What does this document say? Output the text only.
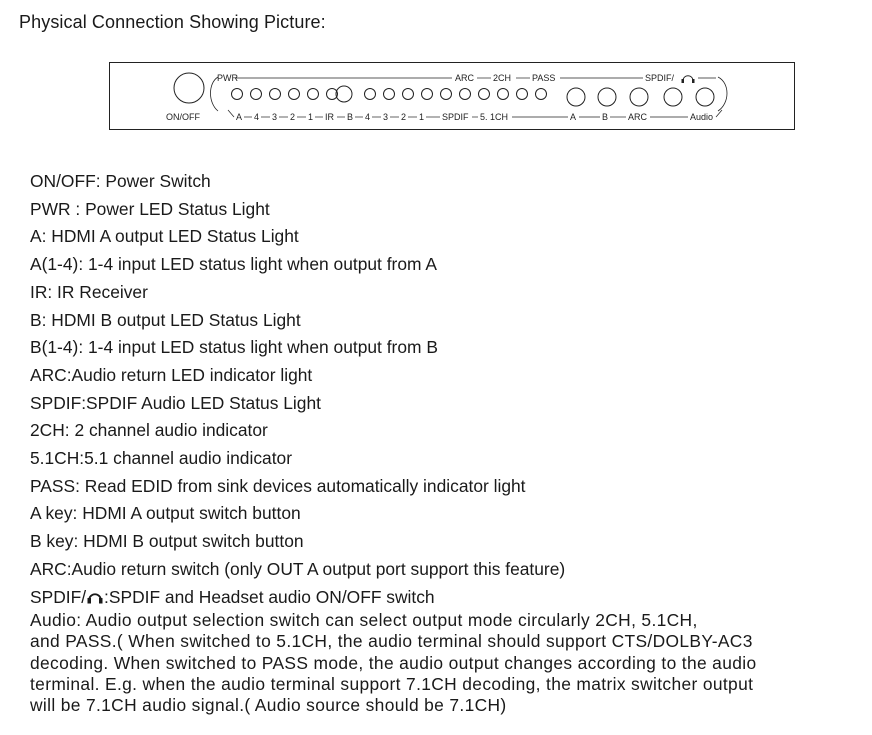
Physical Connection Showing Picture:
ON/OFF
PWR	ARC 2CH PASS	SPDIF/
A 4 3 2 1 IR B 4 3 2 1 SPDIF 5. 1CH	A	B ARC	Audio
ON/OFF: Power Switch
PWR : Power LED Status Light
A: HDMI A output LED Status Light
A(1-4): 1-4 input LED status light when output from A
IR: IR Receiver
B: HDMI B output LED Status Light
B(1-4): 1-4 input LED status light when output from B
ARC:Audio return LED indicator light
SPDIF:SPDIF Audio LED Status Light
2CH: 2 channel audio indicator
5.1CH:5.1 channel audio indicator
PASS: Read EDID from sink devices automatically indicator light
A key: HDMI A output switch button
B key: HDMI B output switch button
ARC:Audio return switch (only OUT A output port support this feature)
SPDIF/ :SPDIF and Headset audio ON/OFF switch
Audio: Audio output selection switch can select output mode circularly 2CH, 5.1CH,
and PASS.( When switched to 5.1CH, the audio terminal should support CTS/DOLBY-AC3
decoding. When switched to PASS mode, the audio output changes according to the audio
terminal. E.g. when the audio terminal support 7.1CH decoding, the matrix switcher output
will be 7.1CH audio signal.( Audio source should be 7.1CH)
